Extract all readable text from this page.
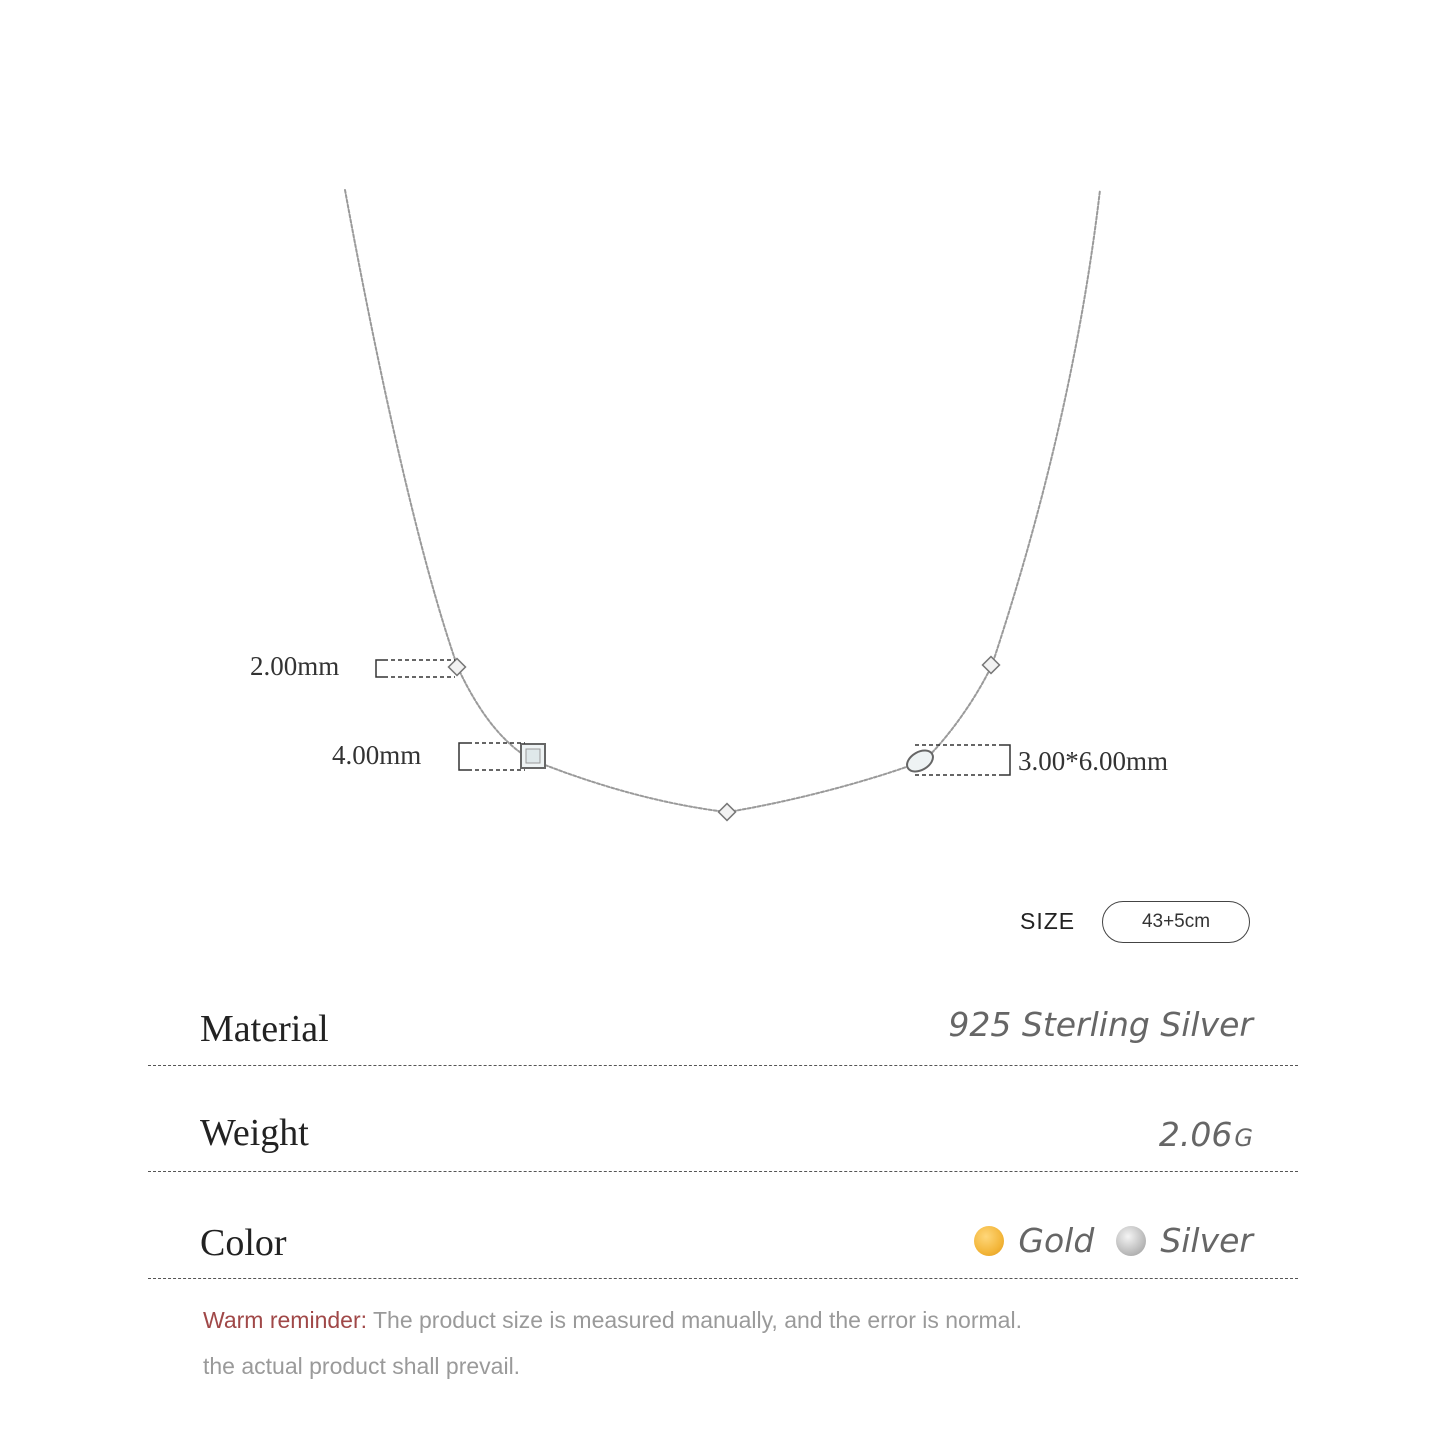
2.00mm
4.00mm	3.00*6.00mm
SIZE	43+5cm
Material	925 Sterling Silver
Weight	2.06 G
Color	Gold Silver
Warm reminder: The product size is measured manually, and the error is normal.
the actual product shall prevail.
